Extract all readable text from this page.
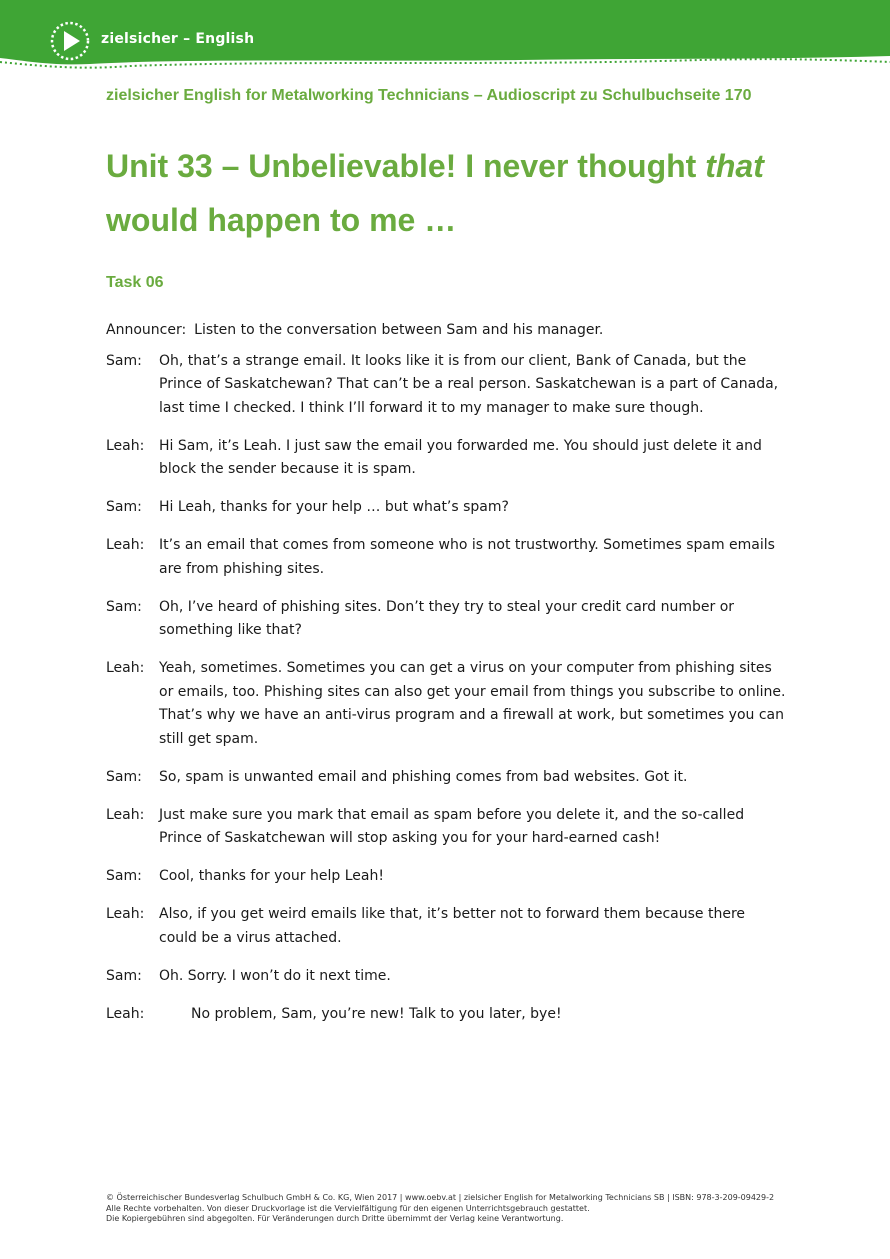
zielsicher – English
zielsicher English for Metalworking Technicians – Audioscript zu Schulbuchseite 170
Unit 33 – Unbelievable! I never thought that
would happen to me …
Task 06
Announcer: Listen to the conversation between Sam and his manager.
Sam:	Oh, that’s a strange email. It looks like it is from our client, Bank of Canada, but the Prince of Saskatchewan? That can’t be a real person. Saskatchewan is a part of Canada, last time I checked. I think I’ll forward it to my manager to make sure though.
Leah:	Hi Sam, it’s Leah. I just saw the email you forwarded me. You should just delete it and block the sender because it is spam.
Sam:	Hi Leah, thanks for your help … but what’s spam?
Leah:	It’s an email that comes from someone who is not trustworthy. Sometimes spam emails are from phishing sites.
Sam:	Oh, I’ve heard of phishing sites. Don’t they try to steal your credit card number or something like that?
Leah:	Yeah, sometimes. Sometimes you can get a virus on your computer from phishing sites or emails, too. Phishing sites can also get your email from things you subscribe to online. That’s why we have an anti-virus program and a firewall at work, but sometimes you can still get spam.
Sam:	So, spam is unwanted email and phishing comes from bad websites. Got it.
Leah:	Just make sure you mark that email as spam before you delete it, and the so-called Prince of Saskatchewan will stop asking you for your hard-earned cash!
Sam:	Cool, thanks for your help Leah!
Leah:	Also, if you get weird emails like that, it’s better not to forward them because there could be a virus attached.
Sam:	Oh. Sorry. I won’t do it next time.
Leah:	No problem, Sam, you’re new! Talk to you later, bye!
© Österreichischer Bundesverlag Schulbuch GmbH & Co. KG, Wien 2017 | www.oebv.at | zielsicher English for Metalworking Technicians SB | ISBN: 978-3-209-09429-2
Alle Rechte vorbehalten. Von dieser Druckvorlage ist die Vervielfältigung für den eigenen Unterrichtsgebrauch gestattet.
Die Kopiergebühren sind abgegolten. Für Veränderungen durch Dritte übernimmt der Verlag keine Verantwortung.
